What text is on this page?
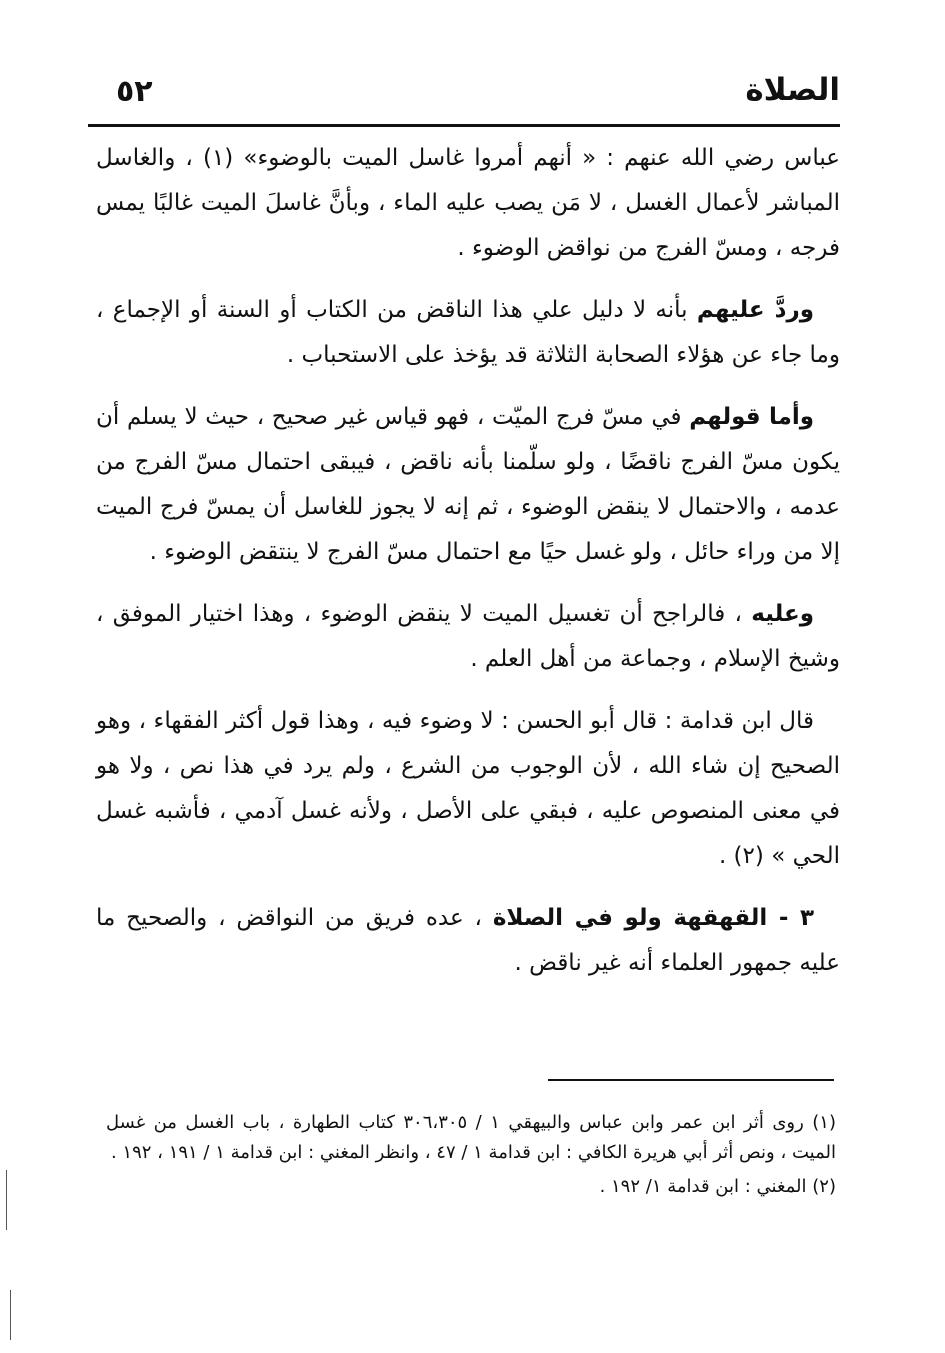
الصلاة
٥٢

عباس رضي الله عنهم : « أنهم أمروا غاسل الميت بالوضوء» (١) ، والغاسل المباشر لأعمال الغسل ، لا مَن يصب عليه الماء ، وبأنَّ غاسلَ الميت غالبًا يمس فرجه ، ومسّ الفرج من نواقض الوضوء .

وردَّ عليهم بأنه لا دليل علي هذا الناقض من الكتاب أو السنة أو الإجماع ، وما جاء عن هؤلاء الصحابة الثلاثة قد يؤخذ على الاستحباب .

وأما قولهم في مسّ فرج الميّت ، فهو قياس غير صحيح ، حيث لا يسلم أن يكون مسّ الفرج ناقضًا ، ولو سلّمنا بأنه ناقض ، فيبقى احتمال مسّ الفرج من عدمه ، والاحتمال لا ينقض الوضوء ، ثم إنه لا يجوز للغاسل أن يمسّ فرج الميت إلا من وراء حائل ، ولو غسل حيًا مع احتمال مسّ الفرج لا ينتقض الوضوء .

وعليه ، فالراجح أن تغسيل الميت لا ينقض الوضوء ، وهذا اختيار الموفق ، وشيخ الإسلام ، وجماعة من أهل العلم .

قال ابن قدامة : قال أبو الحسن : لا وضوء فيه ، وهذا قول أكثر الفقهاء ، وهو الصحيح إن شاء الله ، لأن الوجوب من الشرع ، ولم يرد في هذا نص ، ولا هو في معنى المنصوص عليه ، فبقي على الأصل ، ولأنه غسل آدمي ، فأشبه غسل الحي » (٢) .

٣ - القهقهة ولو في الصلاة ، عده فريق من النواقض ، والصحيح ما عليه جمهور العلماء أنه غير ناقض .

(١) روى أثر ابن عمر وابن عباس والبيهقي ١ / ٣٠٦،٣٠٥ كتاب الطهارة ، باب الغسل من غسل الميت ، ونص أثر أبي هريرة الكافي : ابن قدامة ١ / ٤٧ ، وانظر المغني : ابن قدامة ١ / ١٩١ ، ١٩٢ .

(٢) المغني : ابن قدامة ١/ ١٩٢ .
